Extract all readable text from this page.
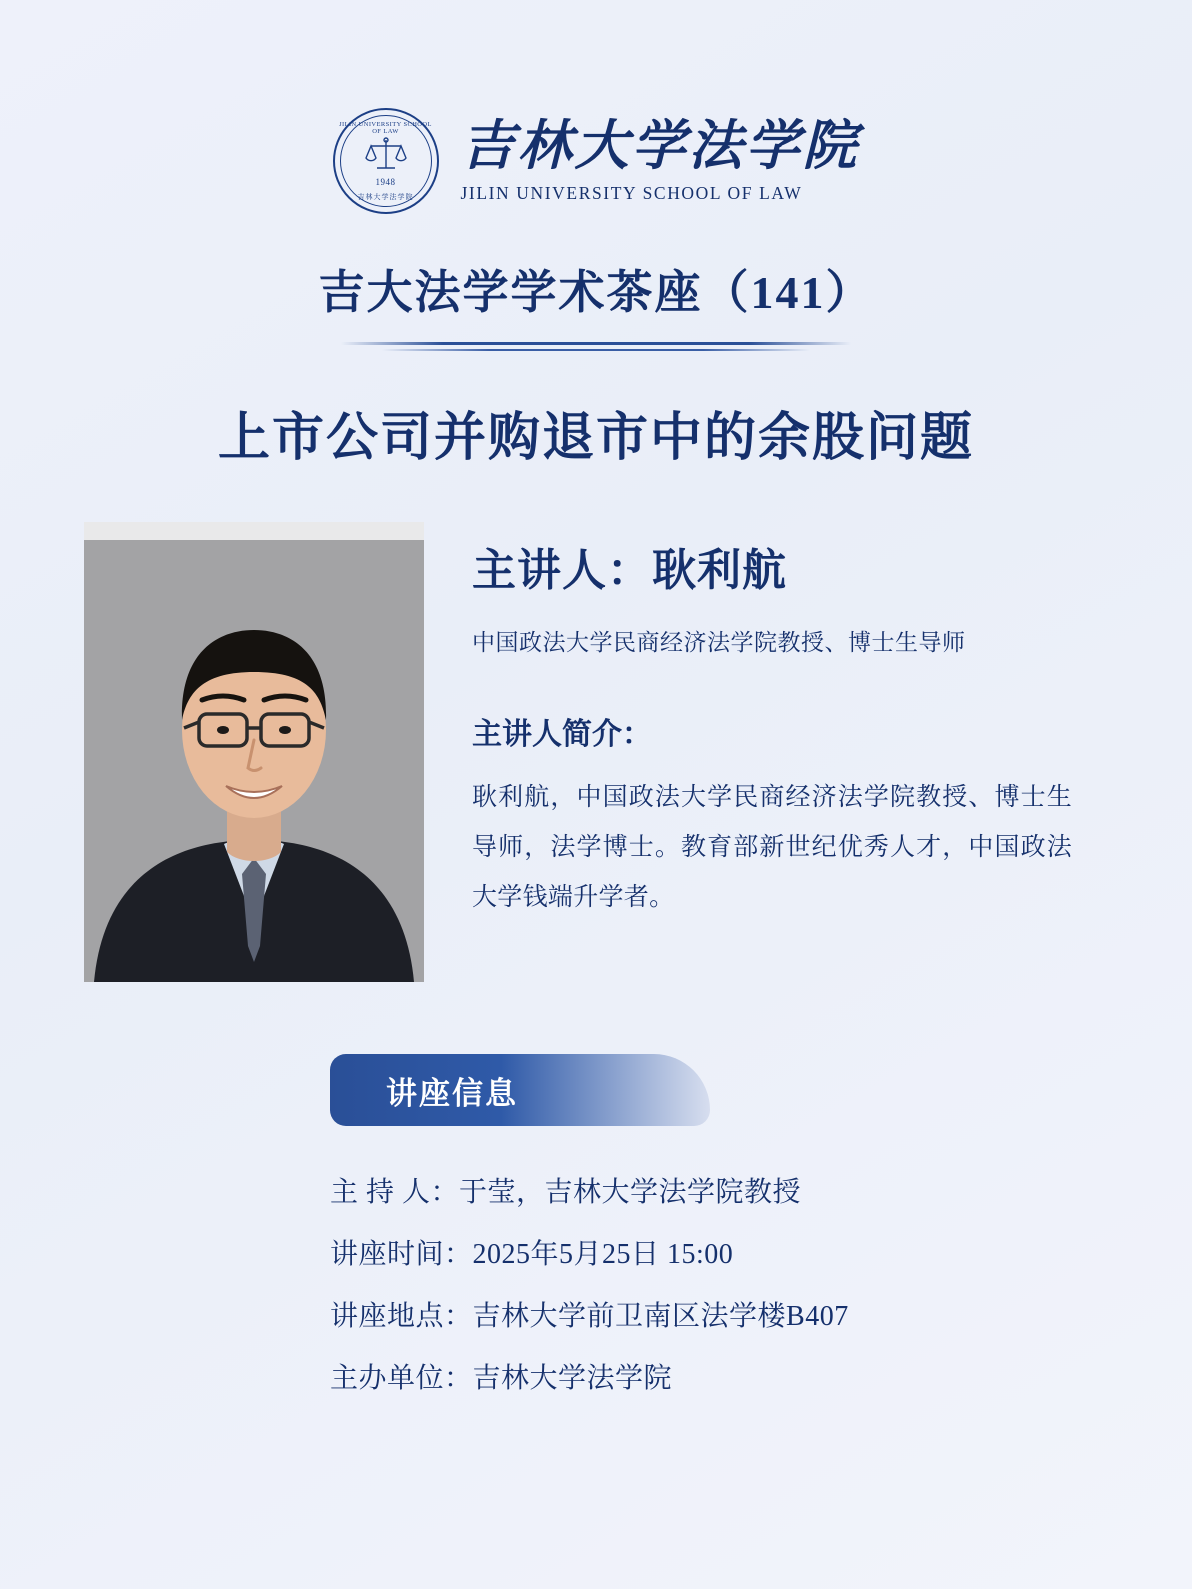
JILIN UNIVERSITY SCHOOL OF LAW
1948
吉林大学法学院
吉林大学法学院
JILIN UNIVERSITY SCHOOL OF LAW
吉大法学学术茶座（141）
上市公司并购退市中的余股问题
主讲人：耿利航
中国政法大学民商经济法学院教授、博士生导师
主讲人简介：
耿利航，中国政法大学民商经济法学院教授、博士生导师，法学博士。教育部新世纪优秀人才，中国政法大学钱端升学者。
讲座信息
主 持 人：于莹，吉林大学法学院教授
讲座时间：2025年5月25日 15:00
讲座地点：吉林大学前卫南区法学楼B407
主办单位：吉林大学法学院
